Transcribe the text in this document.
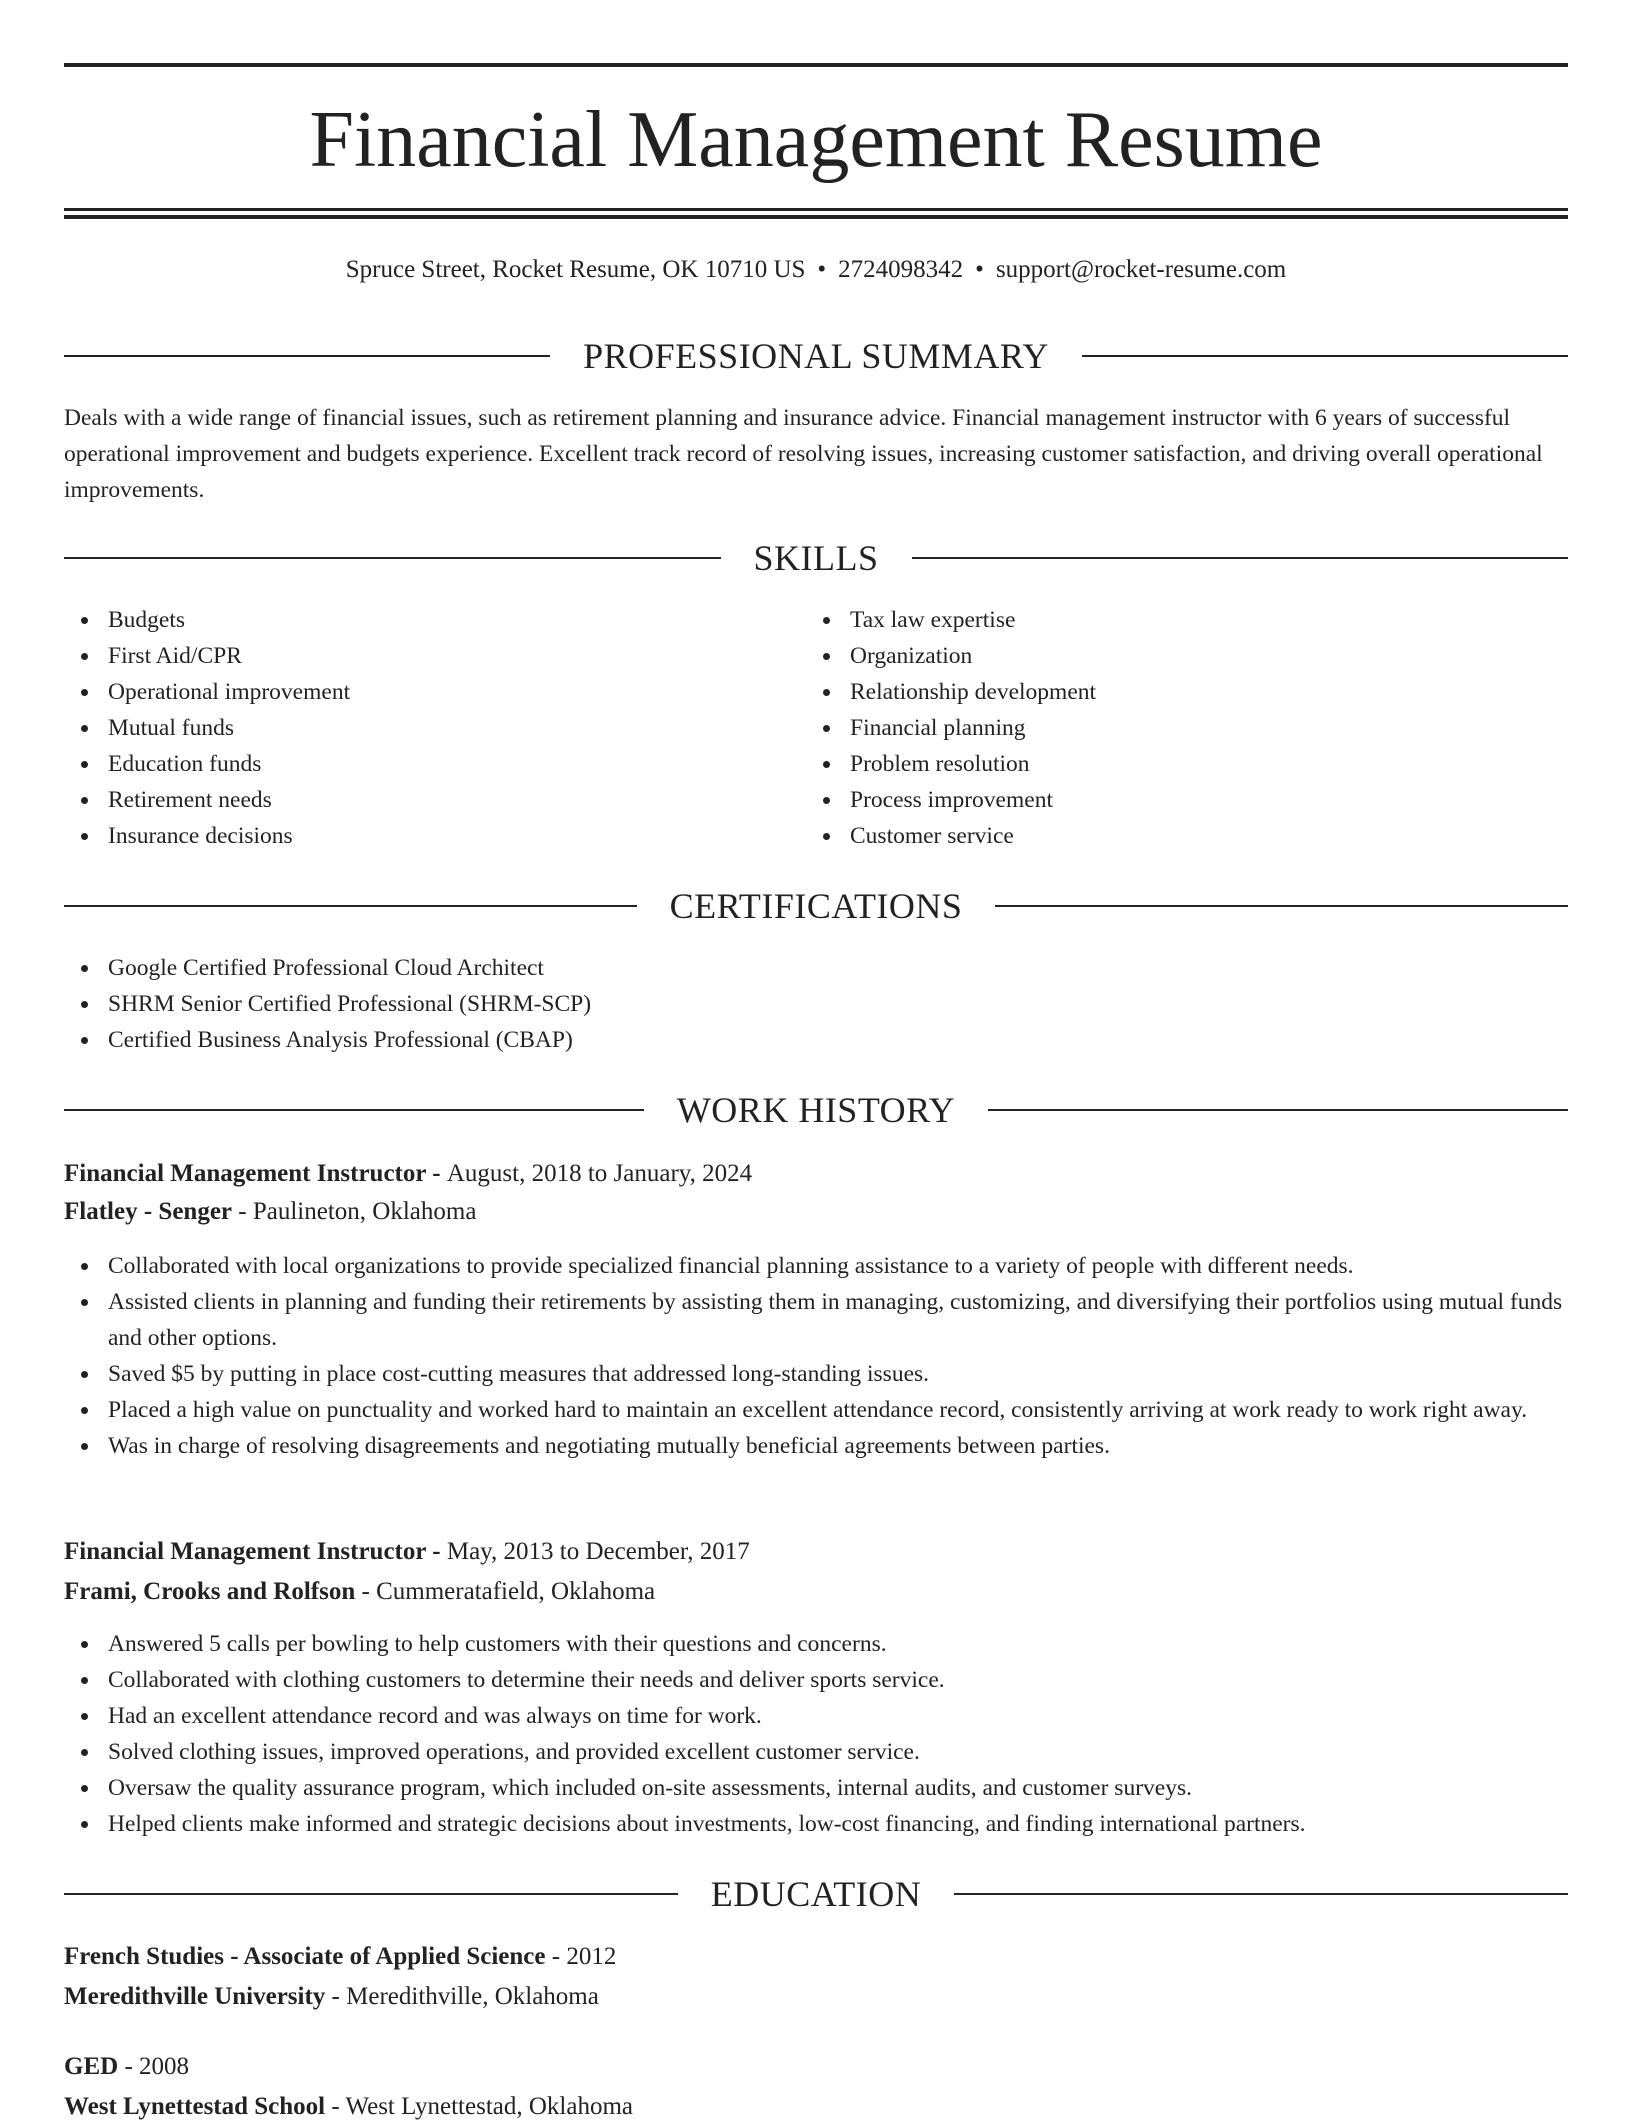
Financial Management Resume
Spruce Street, Rocket Resume, OK 10710 US • 2724098342 • support@rocket-resume.com
PROFESSIONAL SUMMARY

Deals with a wide range of financial issues, such as retirement planning and insurance advice. Financial management instructor with 6 years of successful operational improvement and budgets experience. Excellent track record of resolving issues, increasing customer satisfaction, and driving overall operational improvements.

SKILLS
Budgets
First Aid/CPR
Operational improvement
Mutual funds
Education funds
Retirement needs
Insurance decisions
Tax law expertise
Organization
Relationship development
Financial planning
Problem resolution
Process improvement
Customer service
CERTIFICATIONS
Google Certified Professional Cloud Architect
SHRM Senior Certified Professional (SHRM-SCP)
Certified Business Analysis Professional (CBAP)
WORK HISTORY
Financial Management Instructor - August, 2018 to January, 2024
Flatley - Senger - Paulineton, Oklahoma
Collaborated with local organizations to provide specialized financial planning assistance to a variety of people with different needs.
Assisted clients in planning and funding their retirements by assisting them in managing, customizing, and diversifying their portfolios using mutual funds and other options.
Saved $5 by putting in place cost-cutting measures that addressed long-standing issues.
Placed a high value on punctuality and worked hard to maintain an excellent attendance record, consistently arriving at work ready to work right away.
Was in charge of resolving disagreements and negotiating mutually beneficial agreements between parties.
Financial Management Instructor - May, 2013 to December, 2017
Frami, Crooks and Rolfson - Cummeratafield, Oklahoma
Answered 5 calls per bowling to help customers with their questions and concerns.
Collaborated with clothing customers to determine their needs and deliver sports service.
Had an excellent attendance record and was always on time for work.
Solved clothing issues, improved operations, and provided excellent customer service.
Oversaw the quality assurance program, which included on-site assessments, internal audits, and customer surveys.
Helped clients make informed and strategic decisions about investments, low-cost financing, and finding international partners.
EDUCATION
French Studies - Associate of Applied Science - 2012
Meredithville University - Meredithville, Oklahoma
GED - 2008
West Lynettestad School - West Lynettestad, Oklahoma
